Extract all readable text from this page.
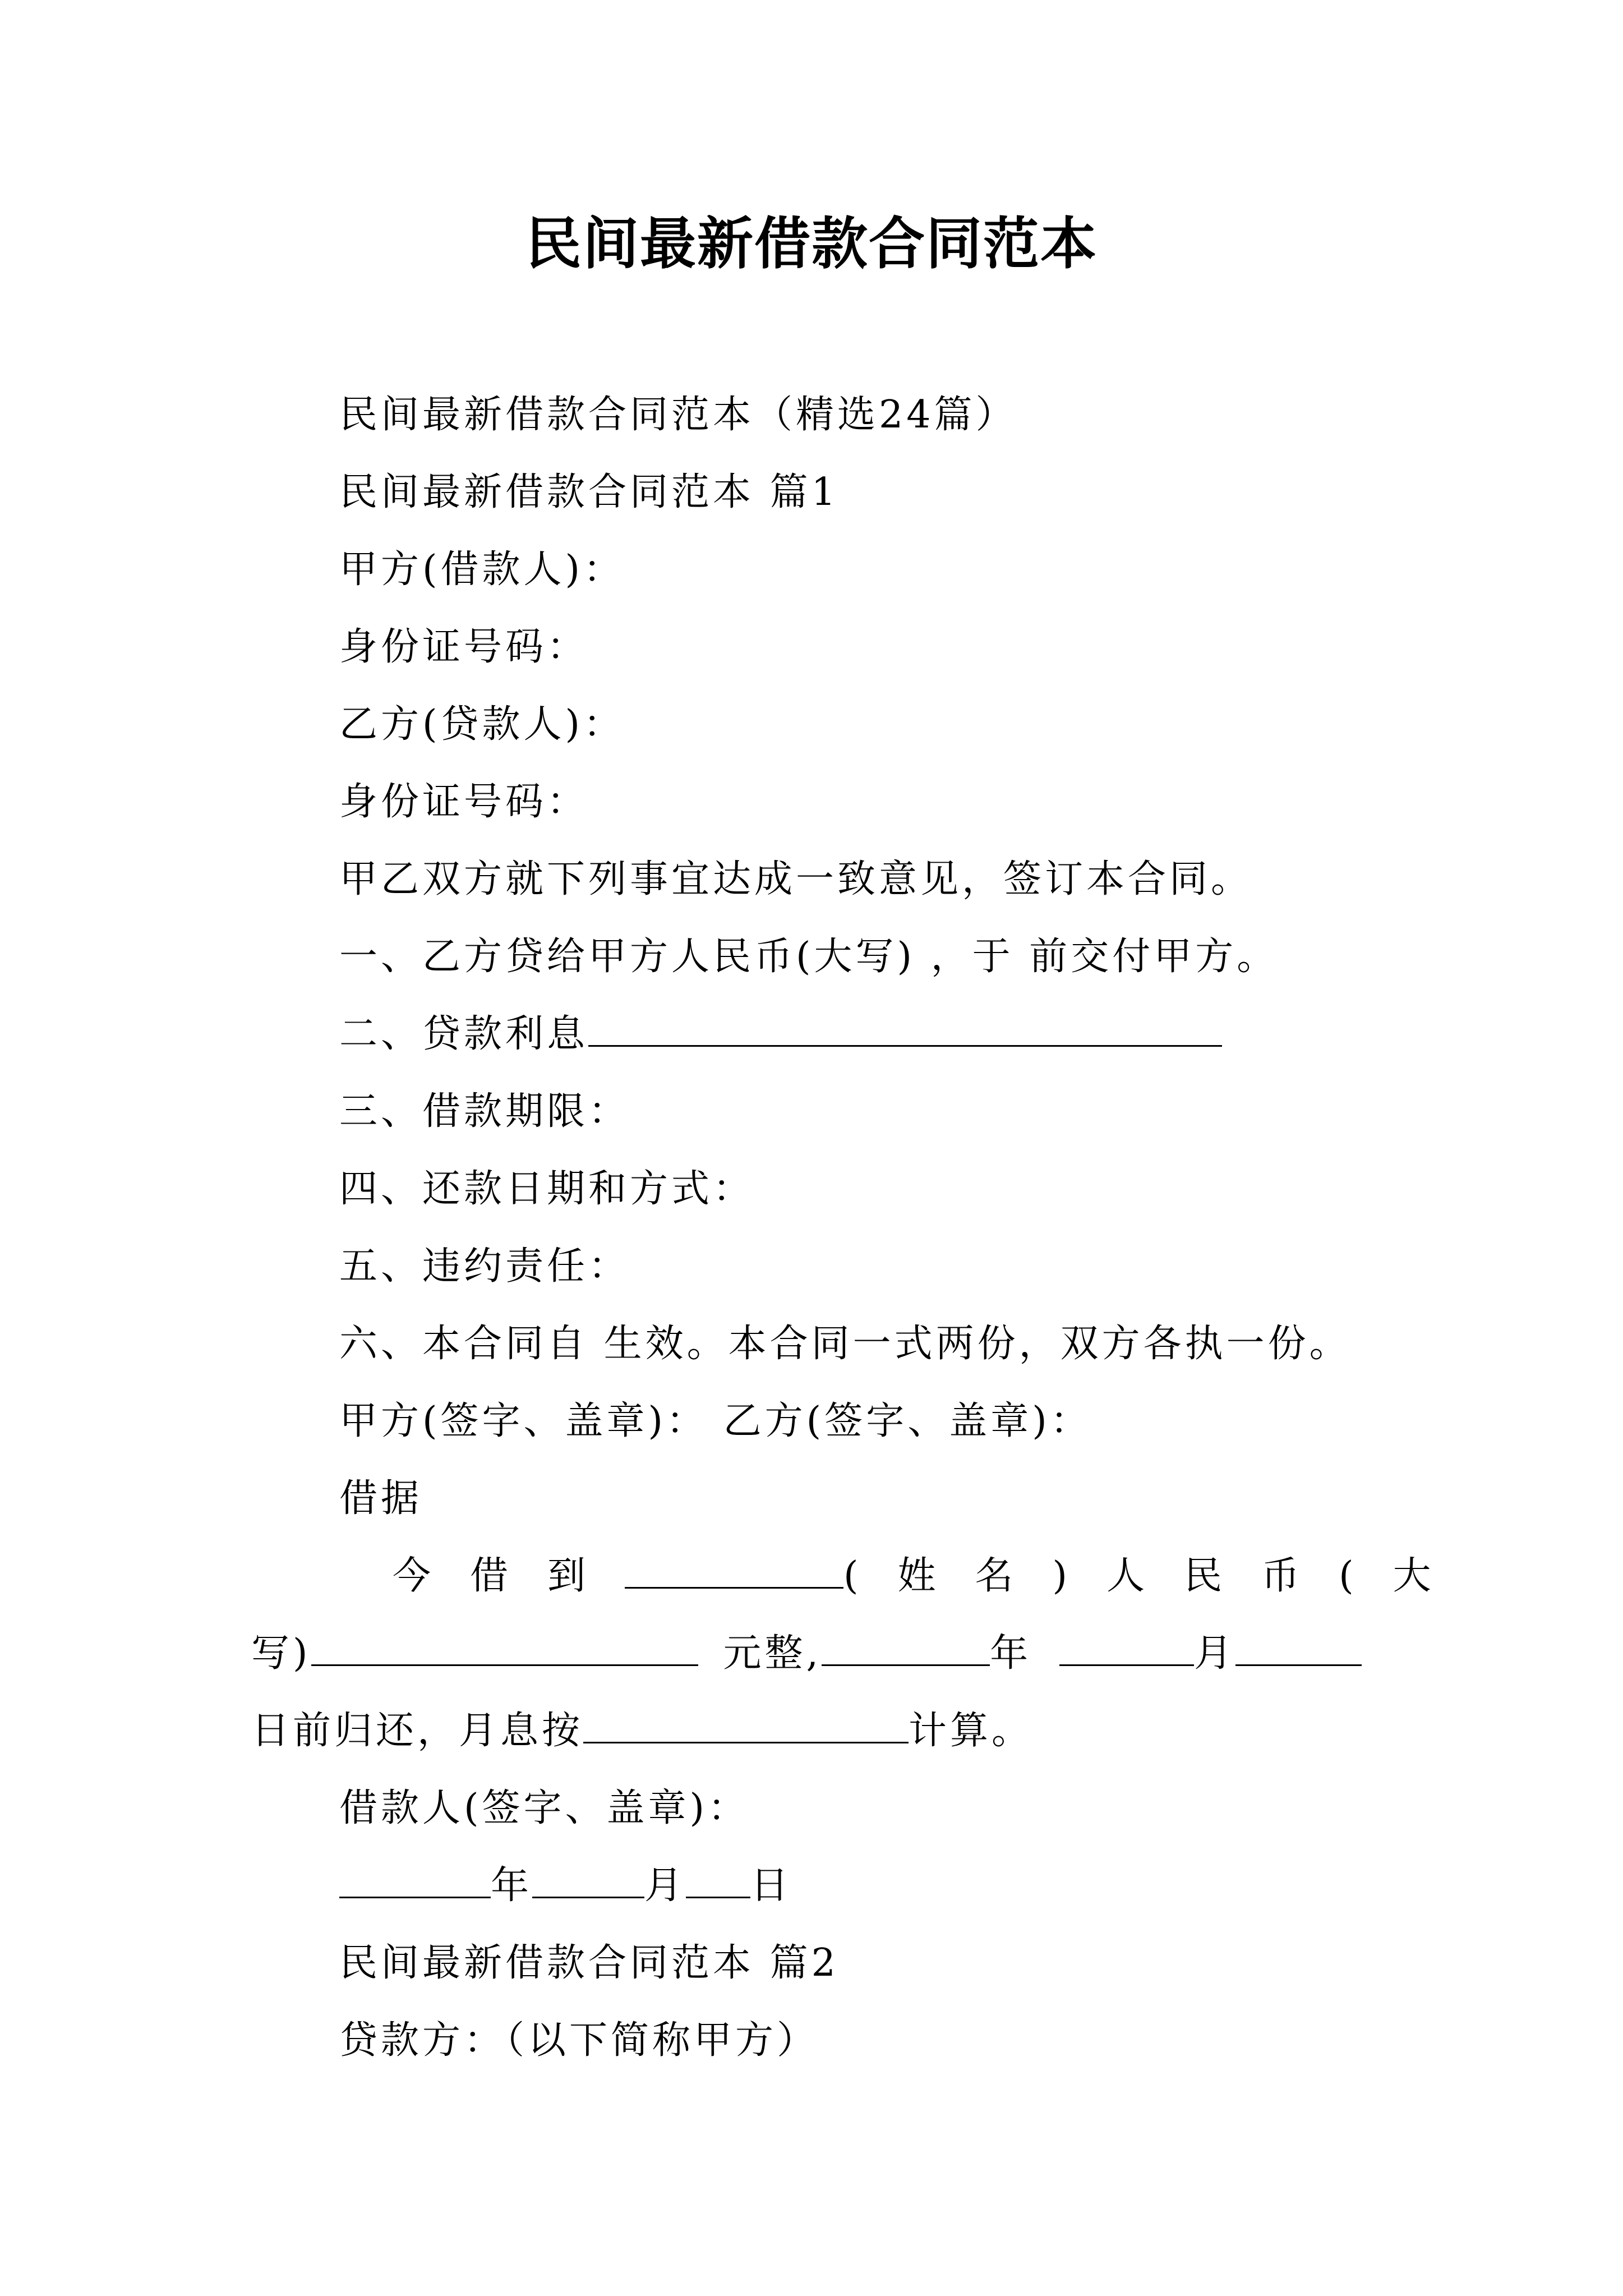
民间最新借款合同范本
民间最新借款合同范本（精选24篇）
民间最新借款合同范本 篇1
甲方(借款人)：
身份证号码：
乙方(贷款人)：
身份证号码：
甲乙双方就下列事宜达成一致意见，签订本合同。
一、乙方贷给甲方人民币(大写) ，于 前交付甲方。
二、贷款利息
三、借款期限：
四、还款日期和方式：
五、违约责任：
六、本合同自 生效。本合同一式两份，双方各执一份。
甲方(签字、盖章)： 乙方(签字、盖章)：
借据
今借到	(姓名)人民币(大
写)	元整,	年	月
日前归还，月息按	计算。
借款人(签字、盖章)：
年	月 日
民间最新借款合同范本 篇2
贷款方：（以下简称甲方）
